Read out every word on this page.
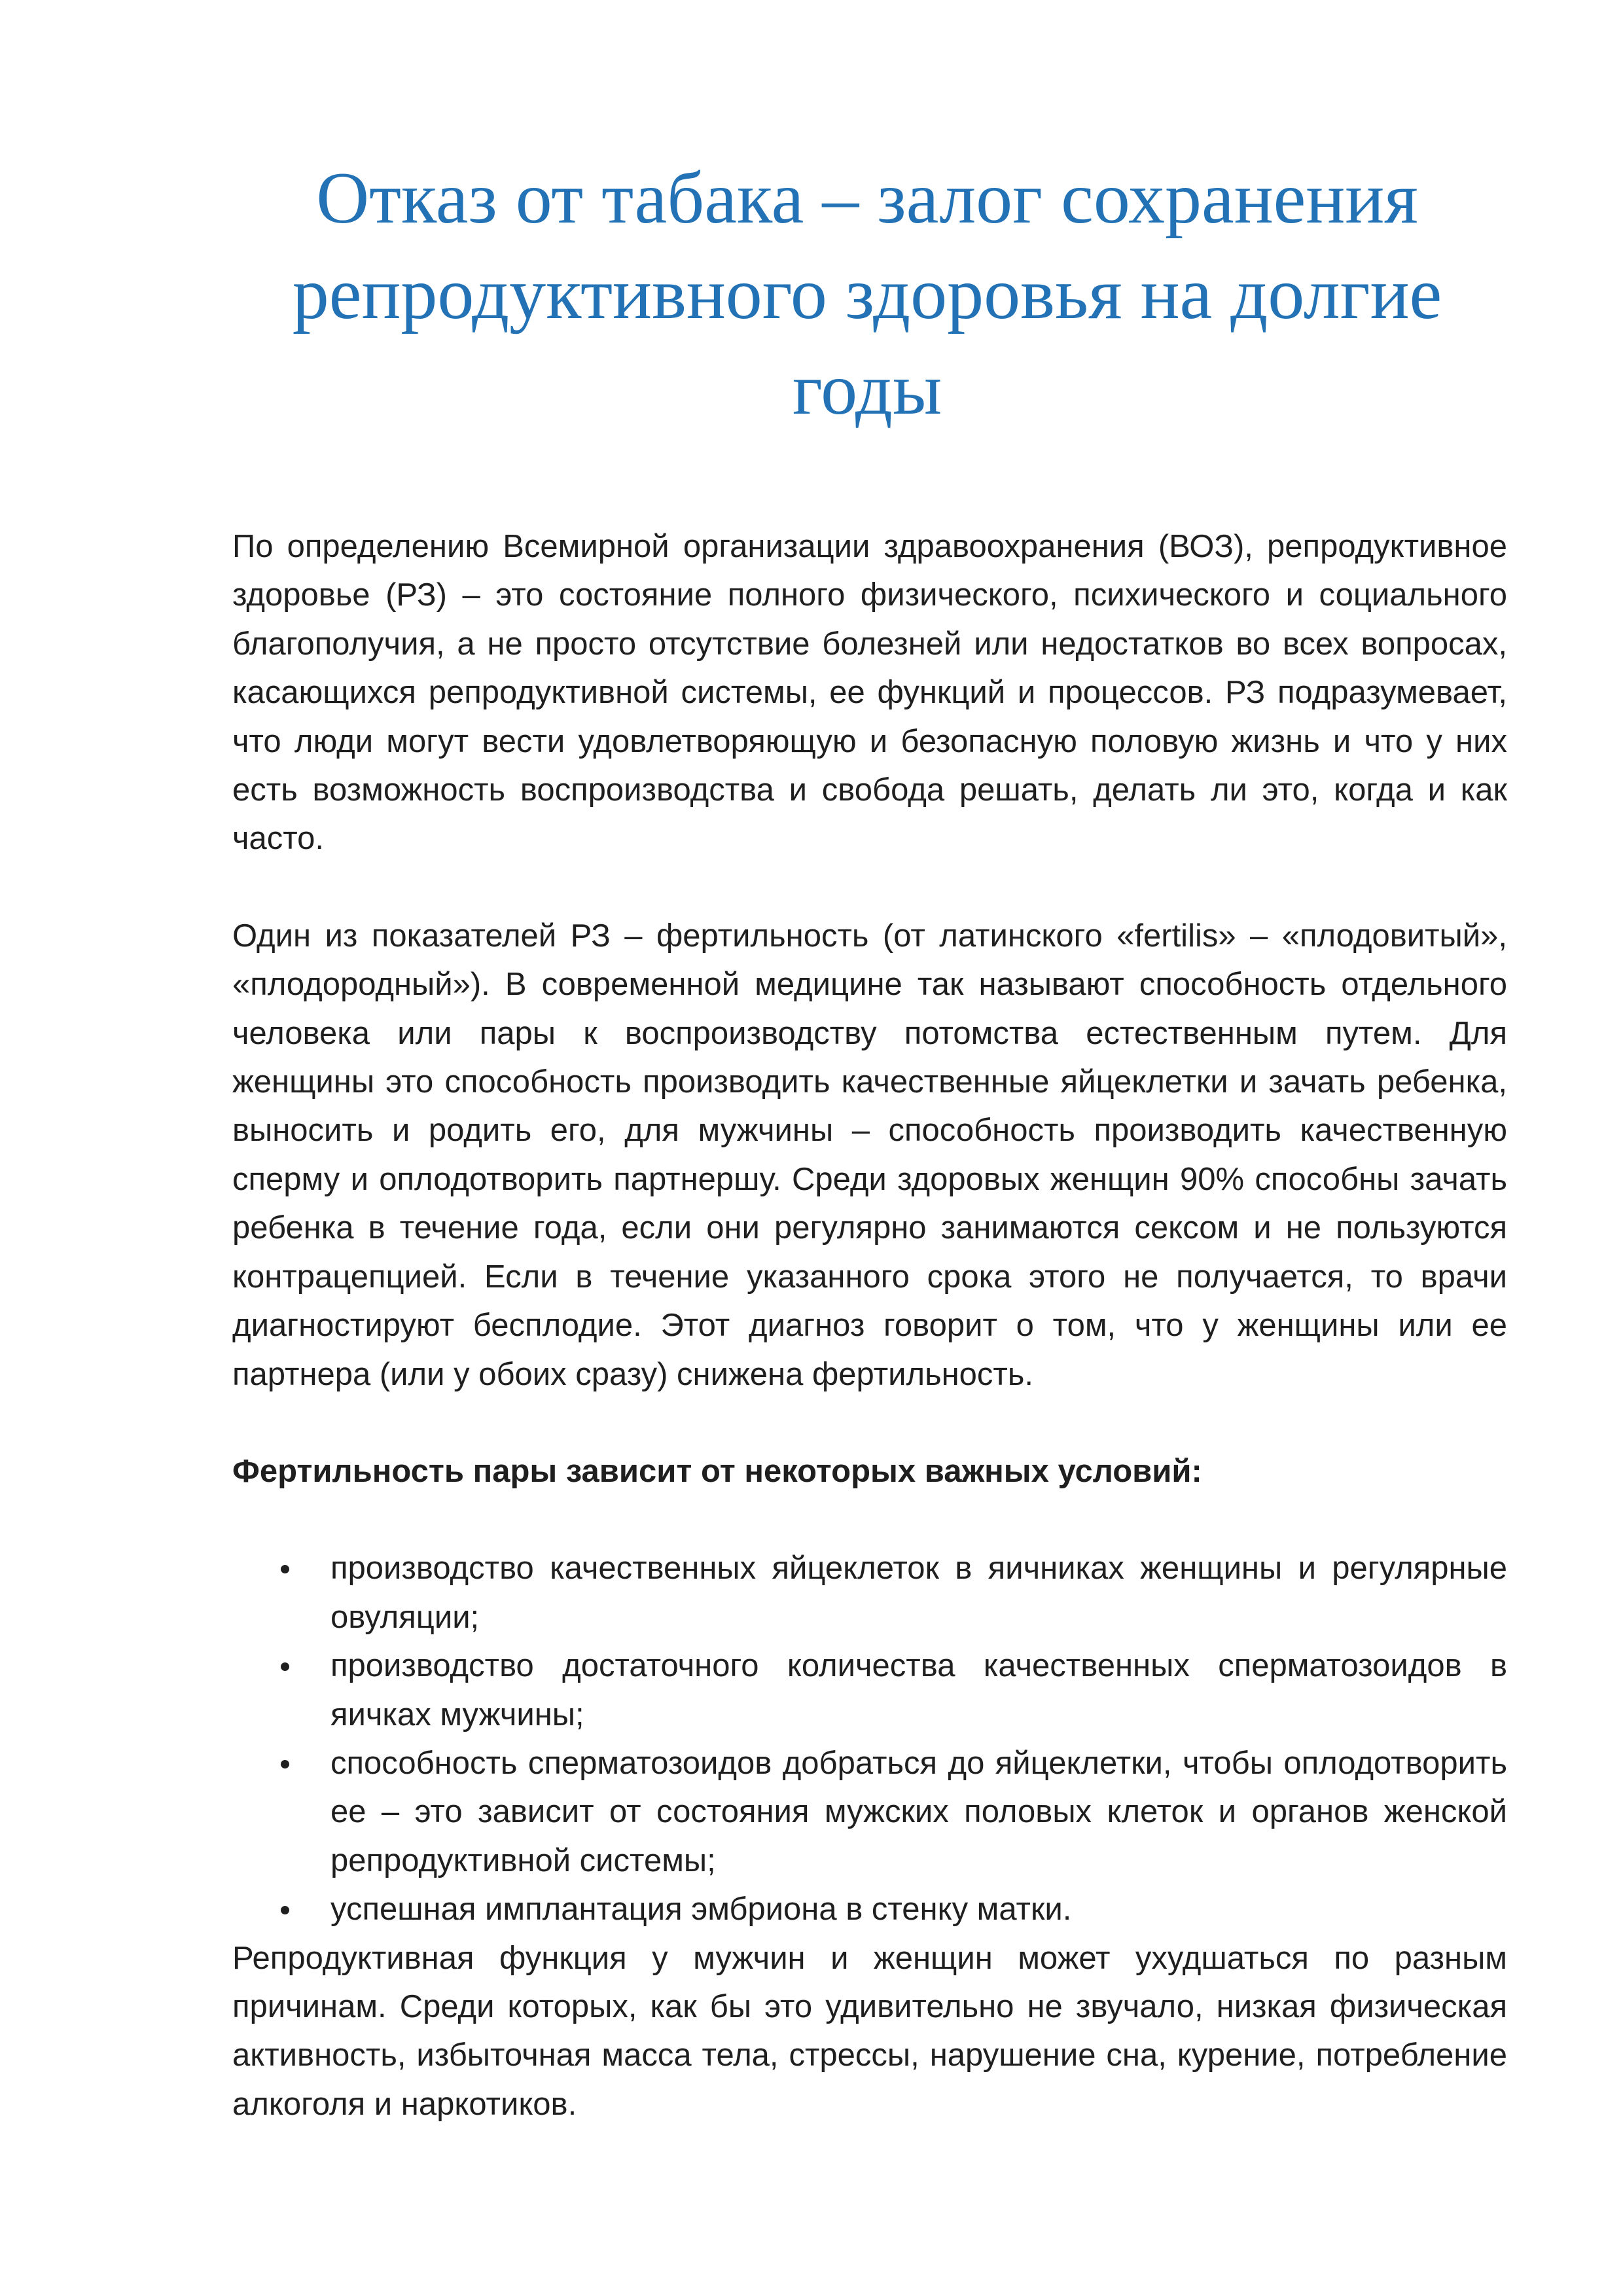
Отказ от табака – залог сохранения репродуктивного здоровья на долгие годы

По определению Всемирной организации здравоохранения (ВОЗ), репродуктивное здоровье (РЗ) – это состояние полного физического, психического и социального благополучия, а не просто отсутствие болезней или недостатков во всех вопросах, касающихся репродуктивной системы, ее функций и процессов. РЗ подразумевает, что люди могут вести удовлетворяющую и безопасную половую жизнь и что у них есть возможность воспроизводства и свобода решать, делать ли это, когда и как часто.

Один из показателей РЗ – фертильность (от латинского «fertilis» – «плодовитый», «плодородный»). В современной медицине так называют способность отдельного человека или пары к воспроизводству потомства естественным путем. Для женщины это способность производить качественные яйцеклетки и зачать ребенка, выносить и родить его, для мужчины – способность производить качественную сперму и оплодотворить партнершу. Среди здоровых женщин 90% способны зачать ребенка в течение года, если они регулярно занимаются сексом и не пользуются контрацепцией. Если в течение указанного срока этого не получается, то врачи диагностируют бесплодие. Этот диагноз говорит о том, что у женщины или ее партнера (или у обоих сразу) снижена фертильность.

Фертильность пары зависит от некоторых важных условий:

производство качественных яйцеклеток в яичниках женщины и регулярные овуляции;
производство достаточного количества качественных сперматозоидов в яичках мужчины;
способность сперматозоидов добраться до яйцеклетки, чтобы оплодотворить ее – это зависит от состояния мужских половых клеток и органов женской репродуктивной системы;
успешная имплантация эмбриона в стенку матки.

Репродуктивная функция у мужчин и женщин может ухудшаться по разным причинам. Среди которых, как бы это удивительно не звучало, низкая физическая активность, избыточная масса тела, стрессы, нарушение сна, курение, потребление алкоголя и наркотиков.
